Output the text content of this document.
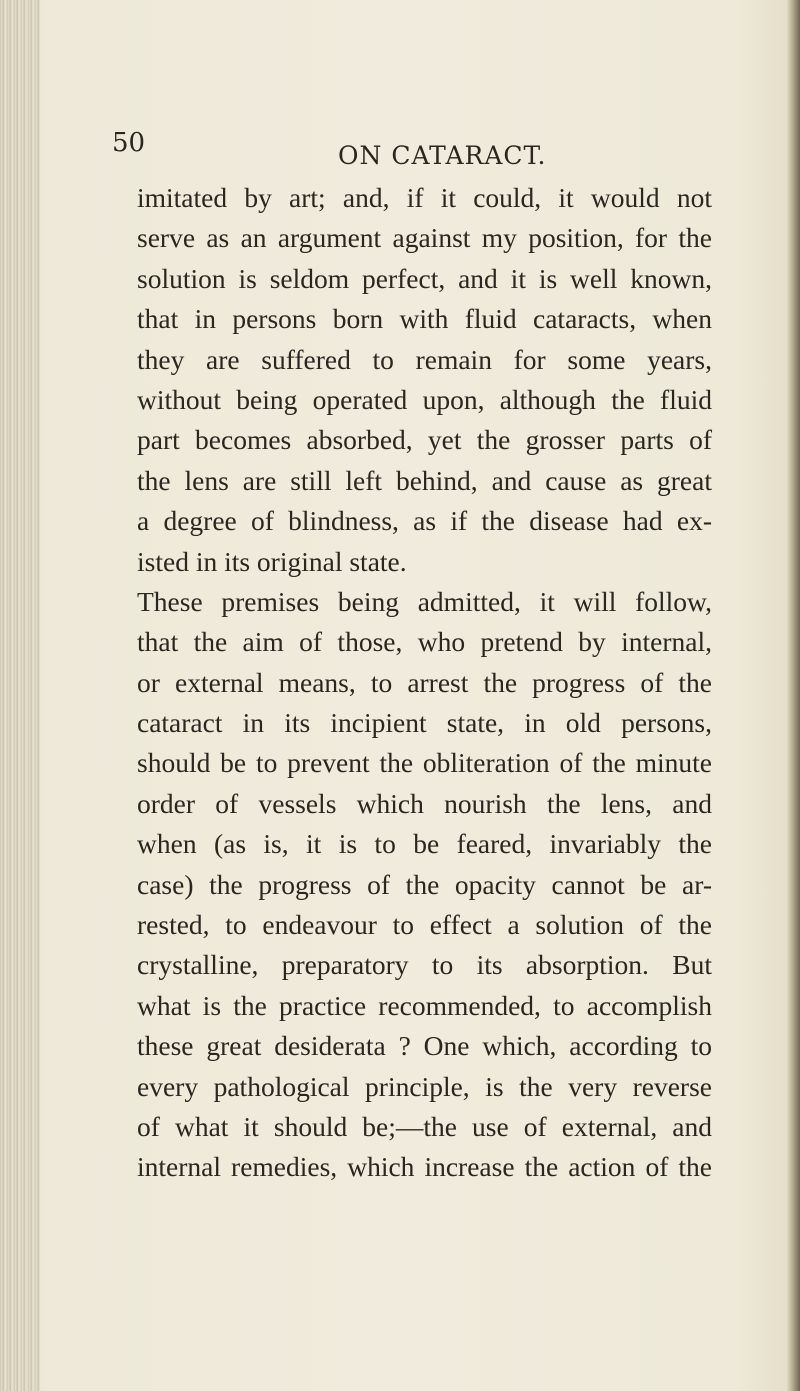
50	ON CATARACT.
imitated by art; and, if it could, it would not
serve as an argument against my position, for the
solution is seldom perfect, and it is well known,
that in persons born with fluid cataracts, when
they are suffered to remain for some years,
without being operated upon, although the fluid
part becomes absorbed, yet the grosser parts of
the lens are still left behind, and cause as great
a degree of blindness, as if the disease had ex-
isted in its original state.
These premises being admitted, it will follow,
that the aim of those, who pretend by internal,
or external means, to arrest the progress of the
cataract in its incipient state, in old persons,
should be to prevent the obliteration of the minute
order of vessels which nourish the lens, and
when (as is, it is to be feared, invariably the
case) the progress of the opacity cannot be ar-
rested, to endeavour to effect a solution of the
crystalline, preparatory to its absorption. But
what is the practice recommended, to accomplish
these great desiderata ? One which, according to
every pathological principle, is the very reverse
of what it should be;—the use of external, and
internal remedies, which increase the action of the
